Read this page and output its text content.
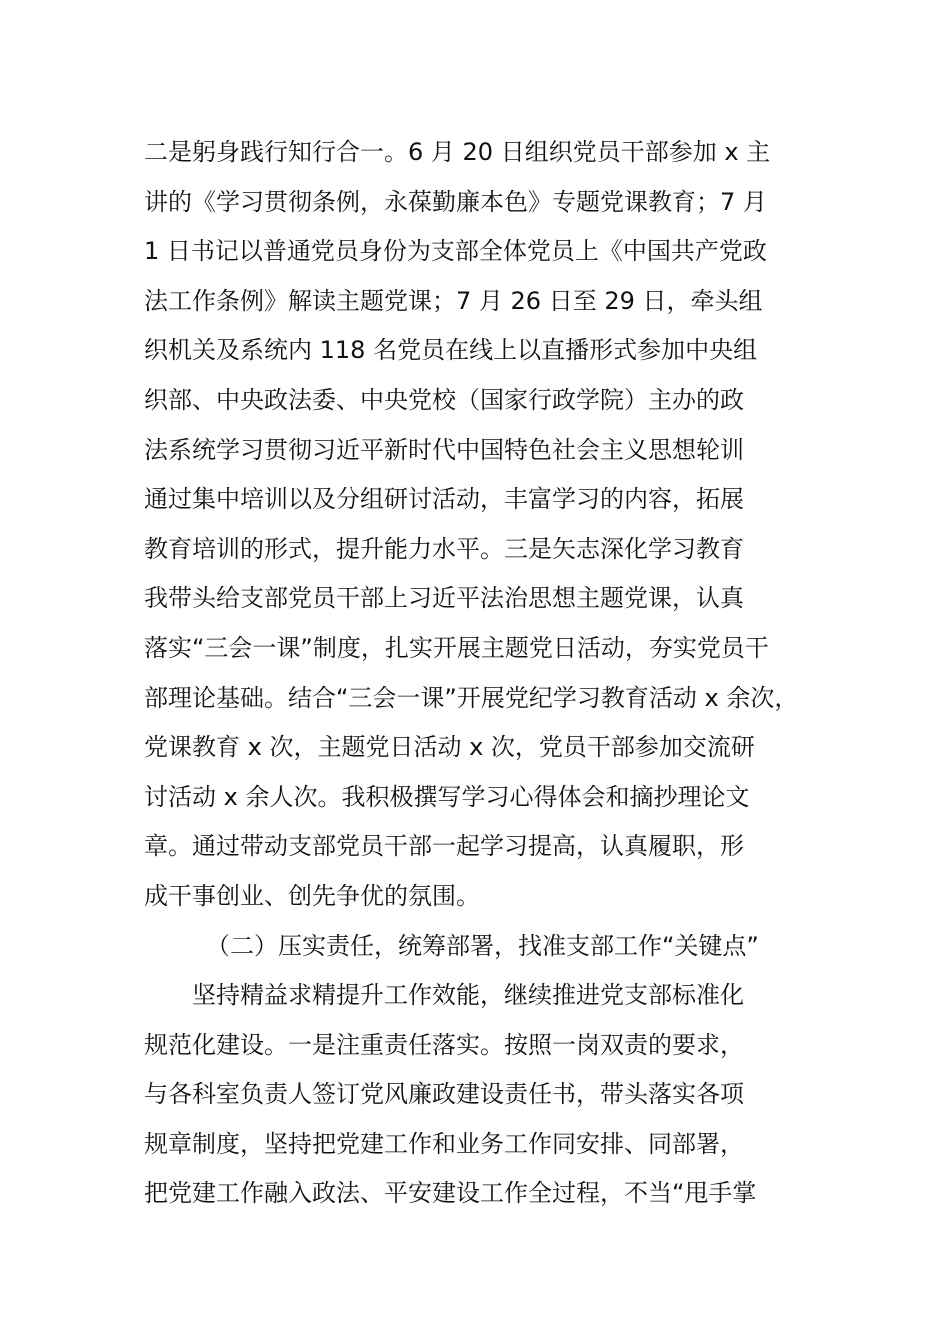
二是躬身践行知行合一。6 月 20 日组织党员干部参加 x 主
讲的《学习贯彻条例，永葆勤廉本色》专题党课教育；7 月
1 日书记以普通党员身份为支部全体党员上《中国共产党政
法工作条例》解读主题党课；7 月 26 日至 29 日，牵头组
织机关及系统内 118 名党员在线上以直播形式参加中央组
织部、中央政法委、中央党校（国家行政学院）主办的政
法系统学习贯彻习近平新时代中国特色社会主义思想轮训
通过集中培训以及分组研讨活动，丰富学习的内容，拓展
教育培训的形式，提升能力水平。三是矢志深化学习教育
我带头给支部党员干部上习近平法治思想主题党课，认真
落实“三会一课”制度，扎实开展主题党日活动，夯实党员干
部理论基础。结合“三会一课”开展党纪学习教育活动 x 余次，
党课教育 x 次，主题党日活动 x 次，党员干部参加交流研
讨活动 x 余人次。我积极撰写学习心得体会和摘抄理论文
章。通过带动支部党员干部一起学习提高，认真履职，形
成干事创业、创先争优的氛围。
（二）压实责任，统筹部署，找准支部工作“关键点”
坚持精益求精提升工作效能，继续推进党支部标准化
规范化建设。一是注重责任落实。按照一岗双责的要求，
与各科室负责人签订党风廉政建设责任书，带头落实各项
规章制度，坚持把党建工作和业务工作同安排、同部署，
把党建工作融入政法、平安建设工作全过程，不当“甩手掌
